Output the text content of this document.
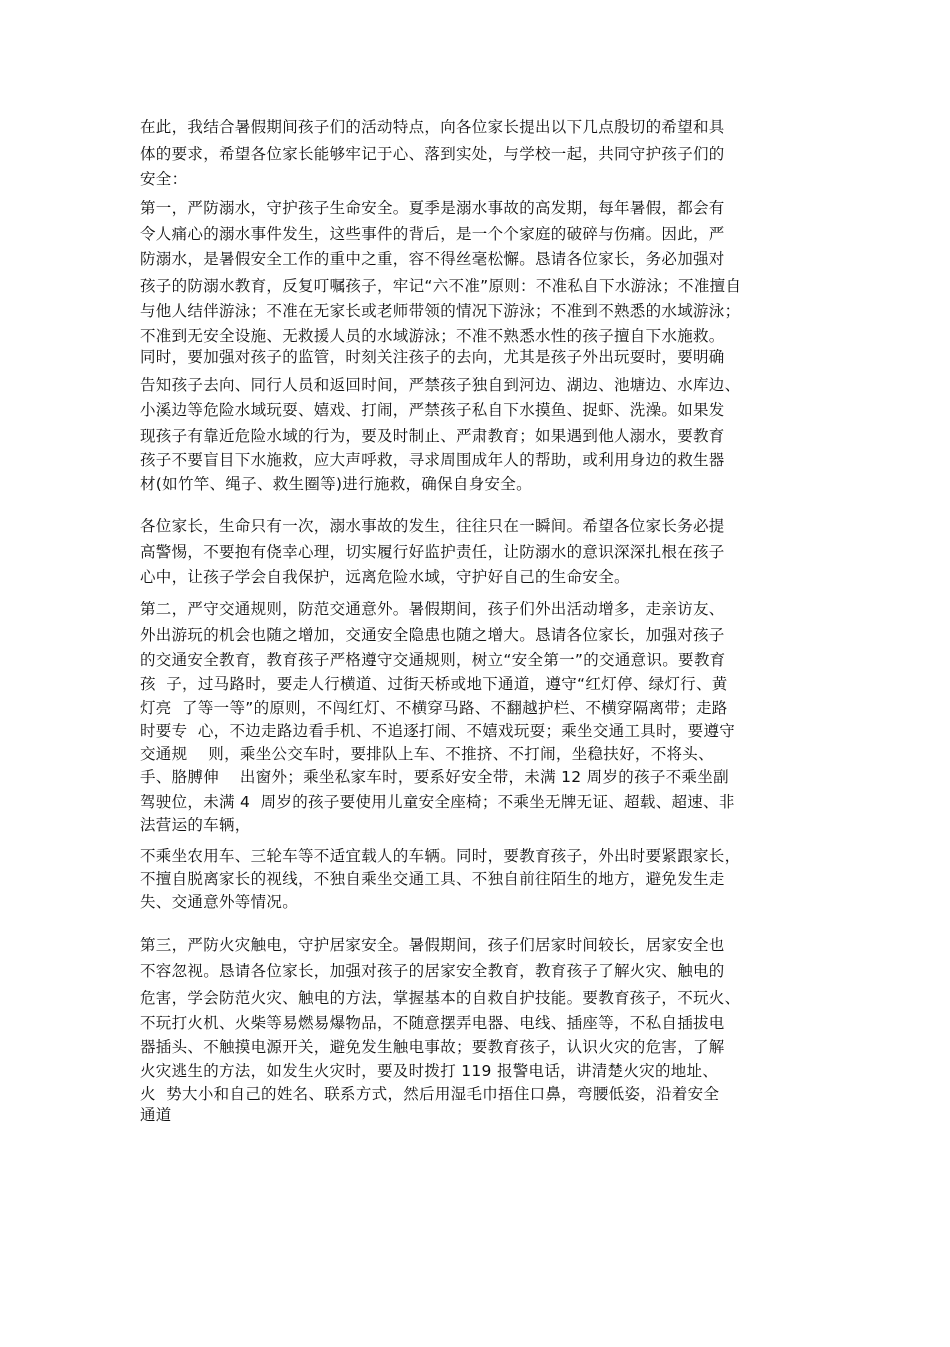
在此，我结合暑假期间孩子们的活动特点，向各位家长提出以下几点殷切的希望和具
体的要求，希望各位家长能够牢记于心、落到实处，与学校一起，共同守护孩子们的
安全：
第一，严防溺水，守护孩子生命安全。夏季是溺水事故的高发期，每年暑假，都会有
令人痛心的溺水事件发生，这些事件的背后，是一个个家庭的破碎与伤痛。因此，严
防溺水，是暑假安全工作的重中之重，容不得丝毫松懈。恳请各位家长，务必加强对
孩子的防溺水教育，反复叮嘱孩子，牢记“六不准”原则：不准私自下水游泳；不准擅自
与他人结伴游泳；不准在无家长或老师带领的情况下游泳；不准到不熟悉的水域游泳；
不准到无安全设施、无救援人员的水域游泳；不准不熟悉水性的孩子擅自下水施救。
同时，要加强对孩子的监管，时刻关注孩子的去向，尤其是孩子外出玩耍时，要明确
告知孩子去向、同行人员和返回时间，严禁孩子独自到河边、湖边、池塘边、水库边、
小溪边等危险水域玩耍、嬉戏、打闹，严禁孩子私自下水摸鱼、捉虾、洗澡。如果发
现孩子有靠近危险水域的行为，要及时制止、严肃教育；如果遇到他人溺水，要教育
孩子不要盲目下水施救，应大声呼救，寻求周围成年人的帮助，或利用身边的救生器
材(如竹竿、绳子、救生圈等)进行施救，确保自身安全。
各位家长，生命只有一次，溺水事故的发生，往往只在一瞬间。希望各位家长务必提
高警惕，不要抱有侥幸心理，切实履行好监护责任，让防溺水的意识深深扎根在孩子
心中，让孩子学会自我保护，远离危险水域，守护好自己的生命安全。
第二，严守交通规则，防范交通意外。暑假期间，孩子们外出活动增多，走亲访友、
外出游玩的机会也随之增加，交通安全隐患也随之增大。恳请各位家长，加强对孩子
的交通安全教育，教育孩子严格遵守交通规则，树立“安全第一”的交通意识。要教育
孩  子，过马路时，要走人行横道、过街天桥或地下通道，遵守“红灯停、绿灯行、黄
灯亮  了等一等”的原则，不闯红灯、不横穿马路、不翻越护栏、不横穿隔离带；走路
时要专  心，不边走路边看手机、不追逐打闹、不嬉戏玩耍；乘坐交通工具时，要遵守
交通规    则，乘坐公交车时，要排队上车、不推挤、不打闹，坐稳扶好，不将头、
手、胳膊伸    出窗外；乘坐私家车时，要系好安全带，未满 12 周岁的孩子不乘坐副
驾驶位，未满 4  周岁的孩子要使用儿童安全座椅；不乘坐无牌无证、超载、超速、非
法营运的车辆，
不乘坐农用车、三轮车等不适宜载人的车辆。同时，要教育孩子，外出时要紧跟家长，
不擅自脱离家长的视线，不独自乘坐交通工具、不独自前往陌生的地方，避免发生走
失、交通意外等情况。
第三，严防火灾触电，守护居家安全。暑假期间，孩子们居家时间较长，居家安全也
不容忽视。恳请各位家长，加强对孩子的居家安全教育，教育孩子了解火灾、触电的
危害，学会防范火灾、触电的方法，掌握基本的自救自护技能。要教育孩子，不玩火、
不玩打火机、火柴等易燃易爆物品，不随意摆弄电器、电线、插座等，不私自插拔电
器插头、不触摸电源开关，避免发生触电事故；要教育孩子，认识火灾的危害，了解
火灾逃生的方法，如发生火灾时，要及时拨打 119 报警电话，讲清楚火灾的地址、
火  势大小和自己的姓名、联系方式，然后用湿毛巾捂住口鼻，弯腰低姿，沿着安全
通道
